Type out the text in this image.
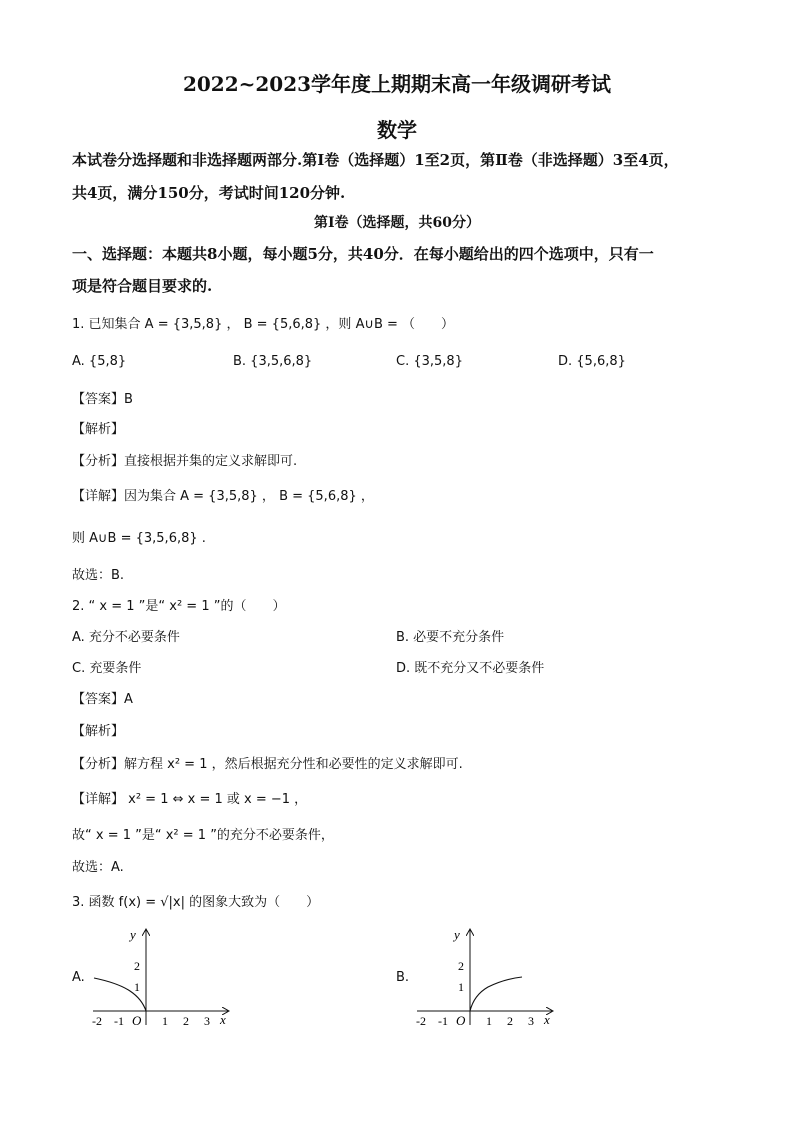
2022~2023学年度上期期末高一年级调研考试
数学
本试卷分选择题和非选择题两部分.第Ⅰ卷（选择题）1至2页，第Ⅱ卷（非选择题）3至4页，
共4页，满分150分，考试时间120分钟.
第Ⅰ卷（选择题，共60分）
一、选择题：本题共8小题，每小题5分，共40分．在每小题给出的四个选项中，只有一
项是符合题目要求的.
1. 已知集合 A = {3,5,8} ， B = {5,6,8} ，则 A∪B = （　　）
A. {5,8}	B. {3,5,6,8}	C. {3,5,8}	D. {5,6,8}
【答案】B
【解析】
【分析】直接根据并集的定义求解即可.
【详解】因为集合 A = {3,5,8} ， B = {5,6,8} ，
则 A∪B = {3,5,6,8} .
故选：B.
2. “ x = 1 ”是“ x² = 1 ”的（　　）
A. 充分不必要条件	B. 必要不充分条件
C. 充要条件	D. 既不充分又不必要条件
【答案】A
【解析】
【分析】解方程 x² = 1 ，然后根据充分性和必要性的定义求解即可.
【详解】 x² = 1 ⇔ x = 1 或 x = −1 ，
故“ x = 1 ”是“ x² = 1 ”的充分不必要条件，
故选：A.
3. 函数 f(x) = √|x| 的图象大致为（　　）
A.
y
x
O
-2 -1	1 2 3
1
2
B.
y
x
O
-2 -1	1 2 3
1
2
